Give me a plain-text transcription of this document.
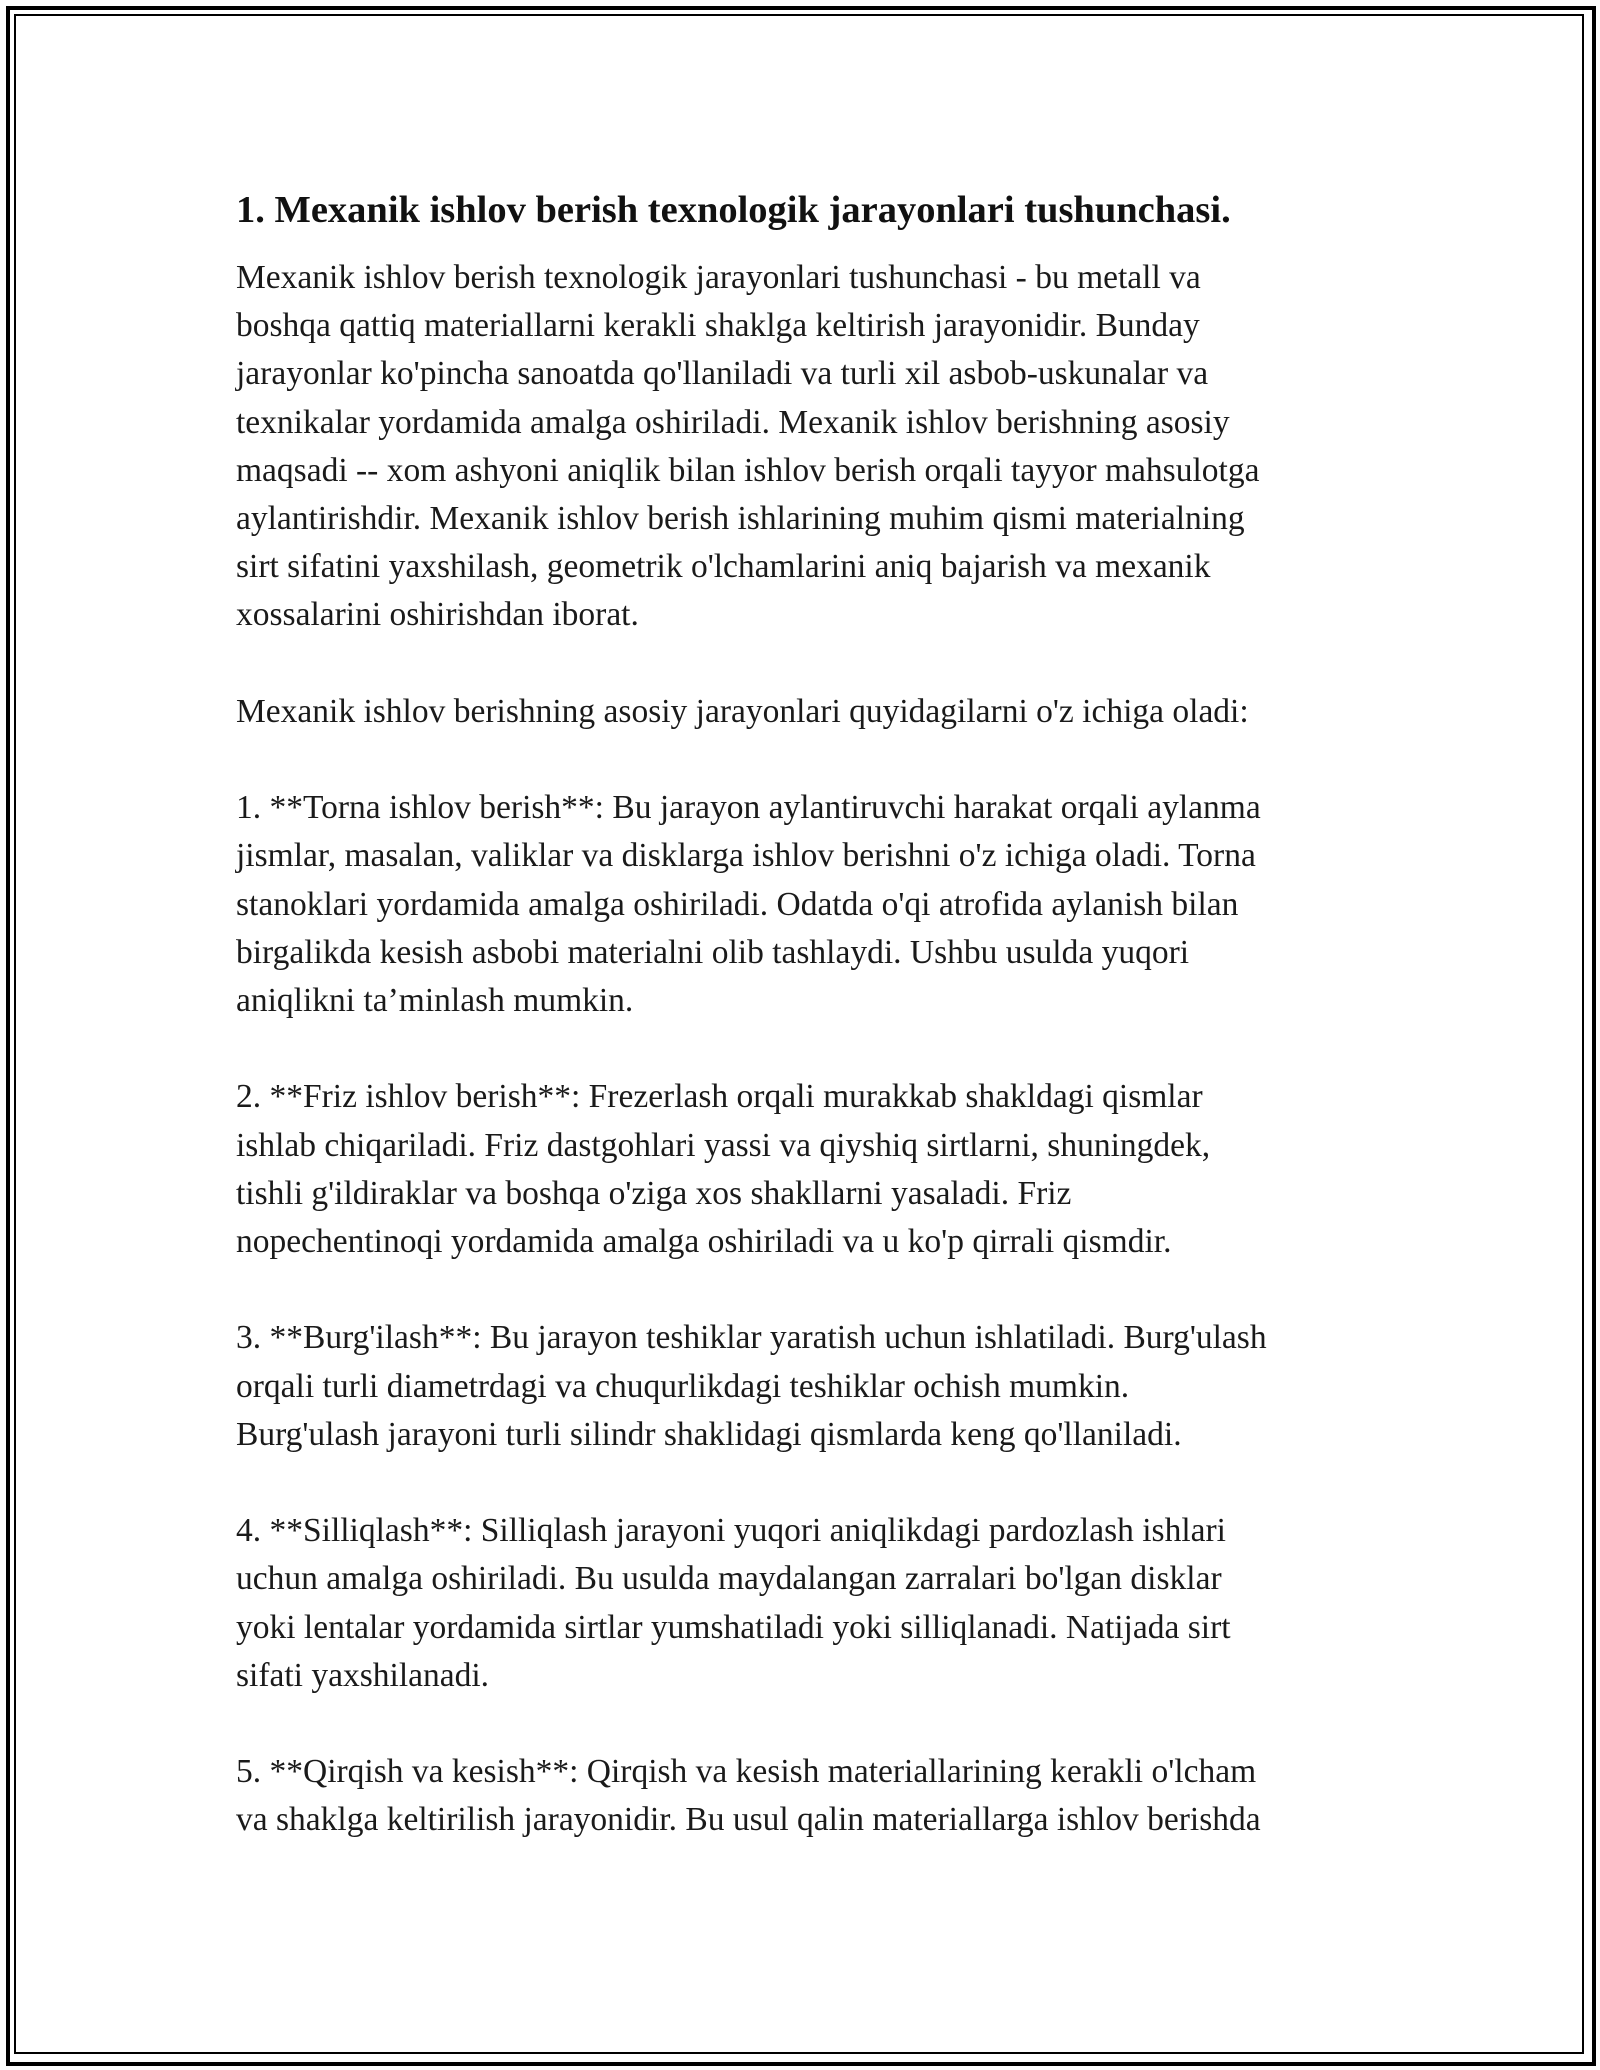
1. Mexanik ishlov berish texnologik jarayonlari tushunchasi.

Mexanik ishlov berish texnologik jarayonlari tushunchasi - bu metall va
boshqa qattiq materiallarni kerakli shaklga keltirish jarayonidir. Bunday
jarayonlar ko'pincha sanoatda qo'llaniladi va turli xil asbob-uskunalar va
texnikalar yordamida amalga oshiriladi. Mexanik ishlov berishning asosiy
maqsadi -- xom ashyoni aniqlik bilan ishlov berish orqali tayyor mahsulotga
aylantirishdir. Mexanik ishlov berish ishlarining muhim qismi materialning
sirt sifatini yaxshilash, geometrik o'lchamlarini aniq bajarish va mexanik
xossalarini oshirishdan iborat.

Mexanik ishlov berishning asosiy jarayonlari quyidagilarni o'z ichiga oladi:

1. **Torna ishlov berish**: Bu jarayon aylantiruvchi harakat orqali aylanma
jismlar, masalan, valiklar va disklarga ishlov berishni o'z ichiga oladi. Torna
stanoklari yordamida amalga oshiriladi. Odatda o'qi atrofida aylanish bilan
birgalikda kesish asbobi materialni olib tashlaydi. Ushbu usulda yuqori
aniqlikni ta’minlash mumkin.

2. **Friz ishlov berish**: Frezerlash orqali murakkab shakldagi qismlar
ishlab chiqariladi. Friz dastgohlari yassi va qiyshiq sirtlarni, shuningdek,
tishli g'ildiraklar va boshqa o'ziga xos shakllarni yasaladi. Friz
nopechentinoqi yordamida amalga oshiriladi va u ko'p qirrali qismdir.

3. **Burg'ilash**: Bu jarayon teshiklar yaratish uchun ishlatiladi. Burg'ulash
orqali turli diametrdagi va chuqurlikdagi teshiklar ochish mumkin.
Burg'ulash jarayoni turli silindr shaklidagi qismlarda keng qo'llaniladi.

4. **Silliqlash**: Silliqlash jarayoni yuqori aniqlikdagi pardozlash ishlari
uchun amalga oshiriladi. Bu usulda maydalangan zarralari bo'lgan disklar
yoki lentalar yordamida sirtlar yumshatiladi yoki silliqlanadi. Natijada sirt
sifati yaxshilanadi.

5. **Qirqish va kesish**: Qirqish va kesish materiallarining kerakli o'lcham
va shaklga keltirilish jarayonidir. Bu usul qalin materiallarga ishlov berishda
